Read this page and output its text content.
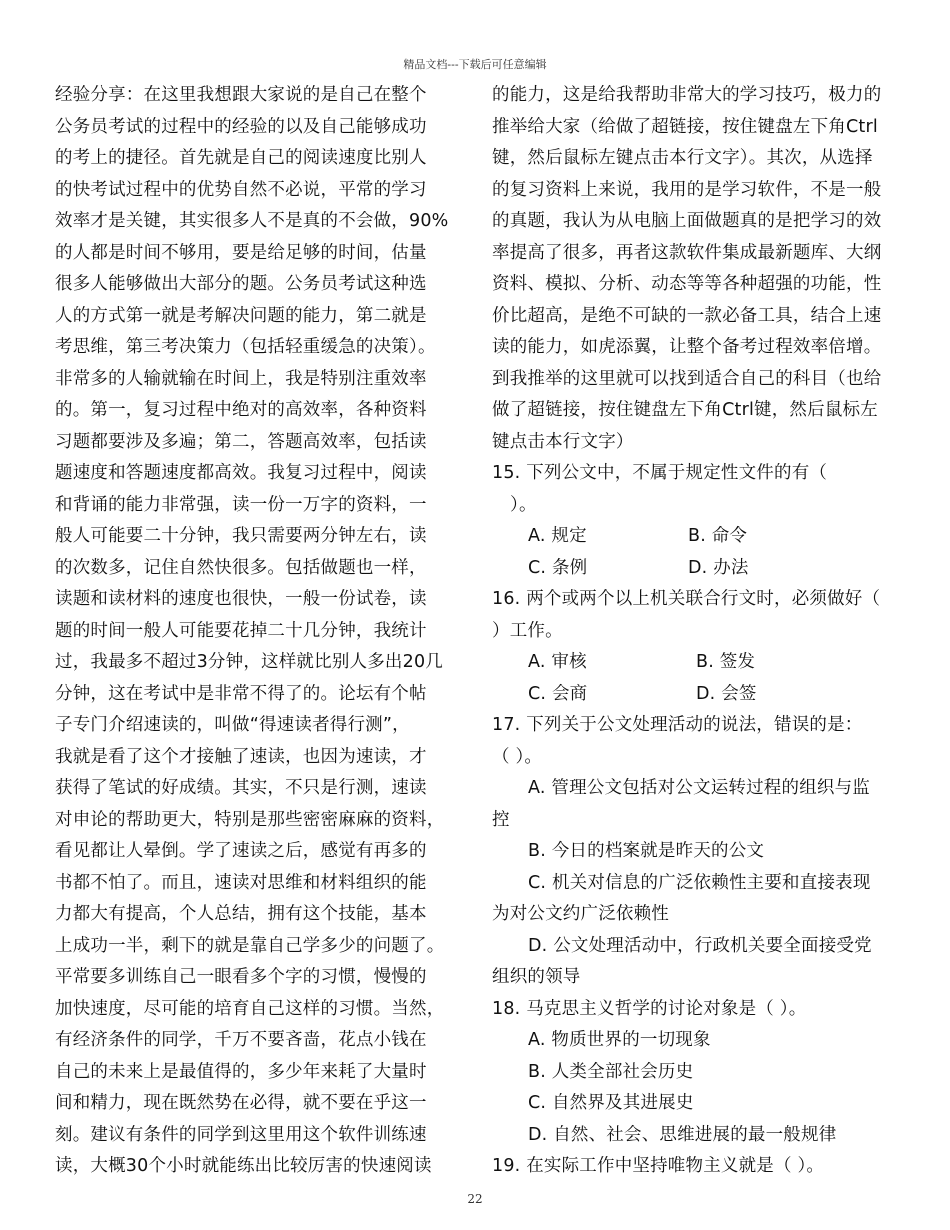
精品文档---下载后可任意编辑
经验分享：在这里我想跟大家说的是自己在整个
公务员考试的过程中的经验的以及自己能够成功
的考上的捷径。首先就是自己的阅读速度比别人
的快考试过程中的优势自然不必说，平常的学习
效率才是关键，其实很多人不是真的不会做，90%
的人都是时间不够用，要是给足够的时间，估量
很多人能够做出大部分的题。公务员考试这种选
人的方式第一就是考解决问题的能力，第二就是
考思维，第三考决策力（包括轻重缓急的决策）。
非常多的人输就输在时间上，我是特别注重效率
的。第一，复习过程中绝对的高效率，各种资料
习题都要涉及多遍；第二，答题高效率，包括读
题速度和答题速度都高效。我复习过程中，阅读
和背诵的能力非常强，读一份一万字的资料，一
般人可能要二十分钟，我只需要两分钟左右，读
的次数多，记住自然快很多。包括做题也一样，
读题和读材料的速度也很快，一般一份试卷，读
题的时间一般人可能要花掉二十几分钟，我统计
过，我最多不超过3分钟，这样就比别人多出20几
分钟，这在考试中是非常不得了的。论坛有个帖
子专门介绍速读的，叫做“得速读者得行测”，
我就是看了这个才接触了速读，也因为速读，才
获得了笔试的好成绩。其实，不只是行测，速读
对申论的帮助更大，特别是那些密密麻麻的资料，
看见都让人晕倒。学了速读之后，感觉有再多的
书都不怕了。而且，速读对思维和材料组织的能
力都大有提高，个人总结，拥有这个技能，基本
上成功一半，剩下的就是靠自己学多少的问题了。
平常要多训练自己一眼看多个字的习惯，慢慢的
加快速度，尽可能的培育自己这样的习惯。当然，
有经济条件的同学，千万不要吝啬，花点小钱在
自己的未来上是最值得的，多少年来耗了大量时
间和精力，现在既然势在必得，就不要在乎这一
刻。建议有条件的同学到这里用这个软件训练速
读，大概30个小时就能练出比较厉害的快速阅读
的能力，这是给我帮助非常大的学习技巧，极力的
推举给大家（给做了超链接，按住键盘左下角Ctrl
键，然后鼠标左键点击本行文字）。其次，从选择
的复习资料上来说，我用的是学习软件，不是一般
的真题，我认为从电脑上面做题真的是把学习的效
率提高了很多，再者这款软件集成最新题库、大纲
资料、模拟、分析、动态等等各种超强的功能，性
价比超高，是绝不可缺的一款必备工具，结合上速
读的能力，如虎添翼，让整个备考过程效率倍增。
到我推举的这里就可以找到适合自己的科目（也给
做了超链接，按住键盘左下角Ctrl键，然后鼠标左
键点击本行文字）
15. 下列公文中，不属于规定性文件的有（
）。
A. 规定	B. 命令
C. 条例	D. 办法
16. 两个或两个以上机关联合行文时，必须做好（
）工作。
A. 审核	B. 签发
C. 会商	D. 会签
17. 下列关于公文处理活动的说法，错误的是：
（ ）。
A. 管理公文包括对公文运转过程的组织与监
控
B. 今日的档案就是昨天的公文
C. 机关对信息的广泛依赖性主要和直接表现
为对公文约广泛依赖性
D. 公文处理活动中，行政机关要全面接受党
组织的领导
18. 马克思主义哲学的讨论对象是（ ）。
A. 物质世界的一切现象
B. 人类全部社会历史
C. 自然界及其进展史
D. 自然、社会、思维进展的最一般规律
19. 在实际工作中坚持唯物主义就是（ ）。
22
